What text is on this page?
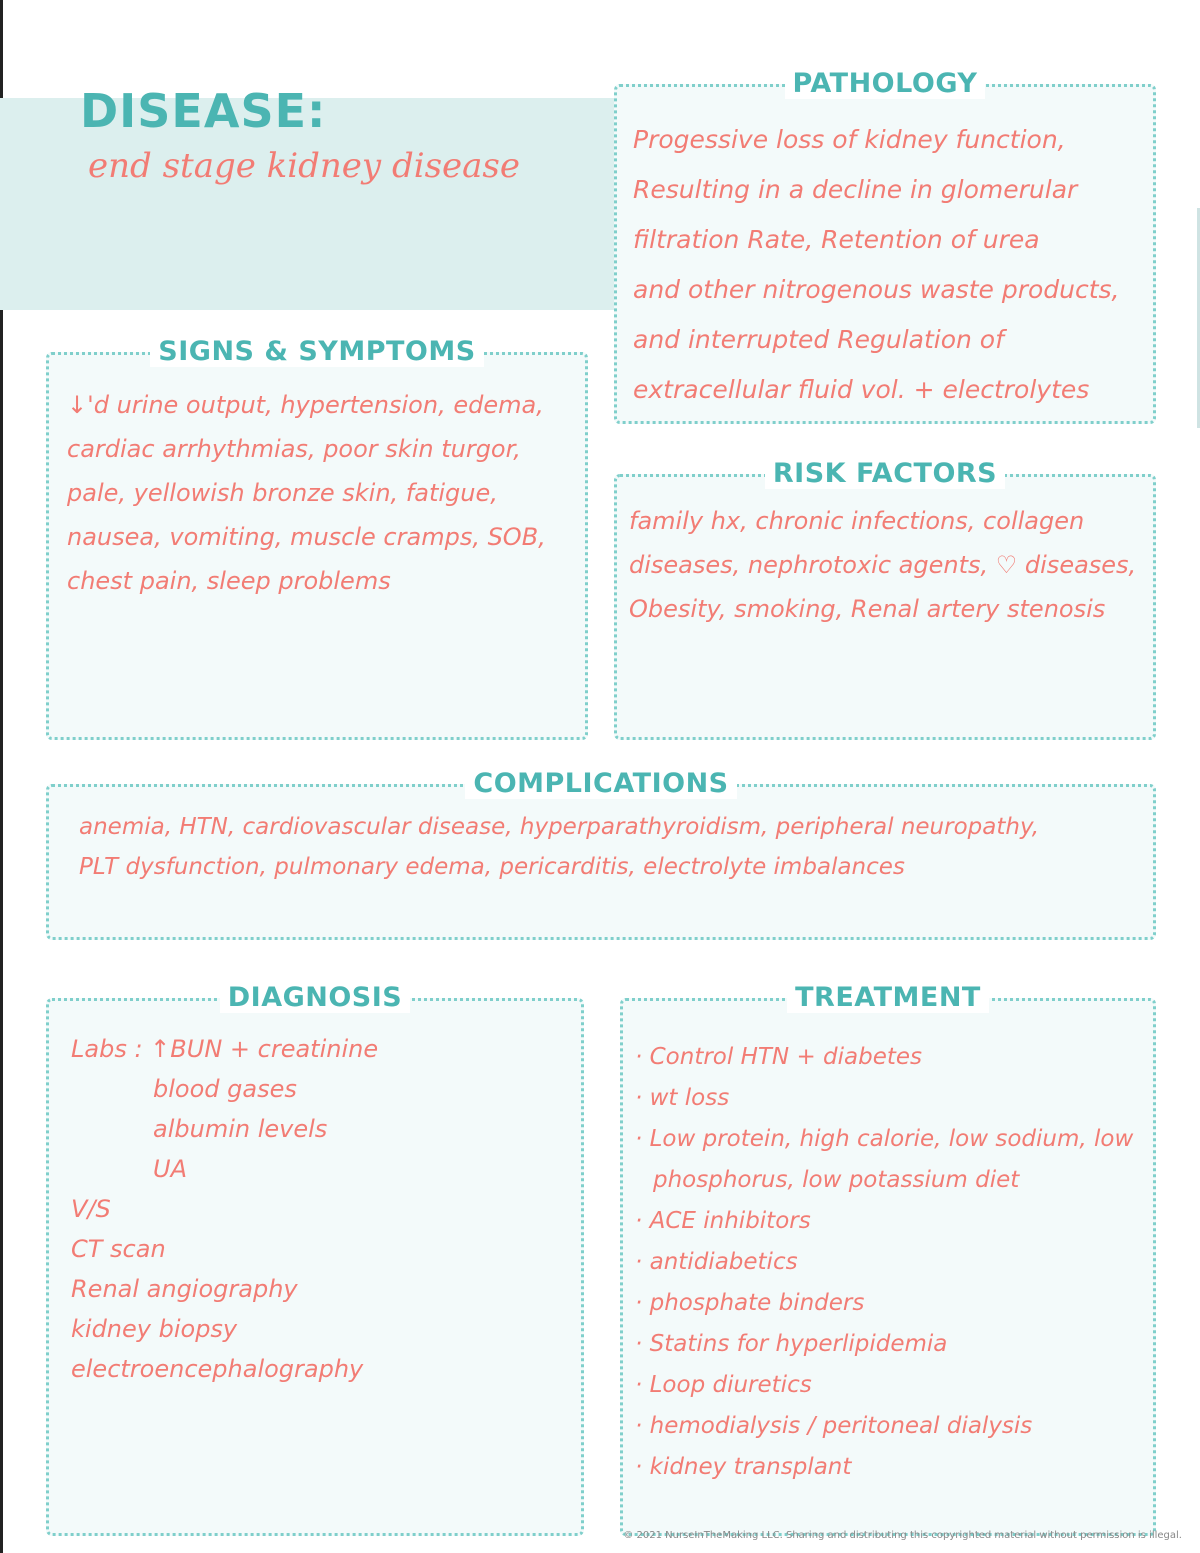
DISEASE:
end stage kidney disease
PATHOLOGY
Progessive loss of kidney function,
Resulting in a decline in glomerular
filtration Rate, Retention of urea
and other nitrogenous waste products,
and interrupted Regulation of
extracellular fluid vol. + electrolytes
SIGNS & SYMPTOMS
↓'d urine output, hypertension, edema,
cardiac arrhythmias, poor skin turgor,
pale, yellowish bronze skin, fatigue,
nausea, vomiting, muscle cramps, SOB,
chest pain, sleep problems
RISK FACTORS
family hx, chronic infections, collagen
diseases, nephrotoxic agents, ♡ diseases,
Obesity, smoking, Renal artery stenosis
COMPLICATIONS
anemia, HTN, cardiovascular disease, hyperparathyroidism, peripheral neuropathy,
PLT dysfunction, pulmonary edema, pericarditis, electrolyte imbalances
DIAGNOSIS
Labs : ↑BUN + creatinine
blood gases
albumin levels
UA
V/S
CT scan
Renal angiography
kidney biopsy
electroencephalography
TREATMENT
· Control HTN + diabetes
· wt loss
· Low protein, high calorie, low sodium, low
phosphorus, low potassium diet
· ACE inhibitors
· antidiabetics
· phosphate binders
· Statins for hyperlipidemia
· Loop diuretics
· hemodialysis / peritoneal dialysis
· kidney transplant
© 2021 NurseInTheMaking LLC. Sharing and distributing this copyrighted material without permission is illegal.
